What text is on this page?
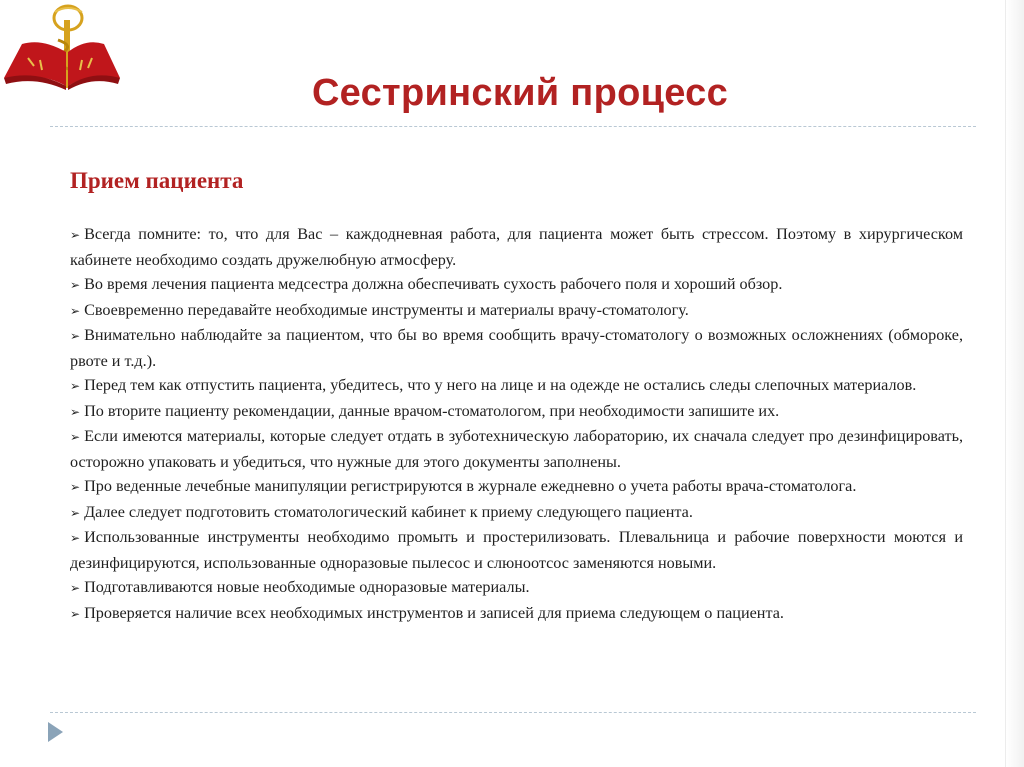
Сестринский процесс
Прием пациента
➢ Всегда помните: то, что для Вас – каждодневная работа, для пациента может быть стрессом. Поэтому в хирургическом кабинете необходимо создать дружелюбную атмосферу.
➢ Во время лечения пациента медсестра должна обеспечивать сухость рабочего поля и хороший обзор.
➢ Своевременно передавайте необходимые инструменты и материалы врачу-стоматологу.
➢ Внимательно наблюдайте за пациентом, что бы во время сообщить врачу-стоматологу о возможных осложнениях (обмороке, рвоте и т.д.).
➢ Перед тем как отпустить пациента, убедитесь, что у него на лице и на одежде не остались следы слепочных материалов.
➢ По вторите пациенту рекомендации, данные врачом-стоматологом, при необходимости запишите их.
➢ Если имеются материалы, которые следует отдать в зуботехническую лабораторию, их сначала следует про дезинфицировать, осторожно упаковать и убедиться, что нужные для этого документы заполнены.
➢ Про веденные лечебные манипуляции регистрируются в журнале ежедневно о учета работы врача-стоматолога.
➢ Далее следует подготовить стоматологический кабинет к приему следующего пациента.
➢ Использованные инструменты необходимо промыть и простерилизовать. Плевальница и рабочие поверхности моются и дезинфицируются, использованные одноразовые пылесос и слюноотсос заменяются новыми.
➢ Подготавливаются новые необходимые одноразовые материалы.
➢ Проверяется наличие всех необходимых инструментов и записей для приема следующем о пациента.
